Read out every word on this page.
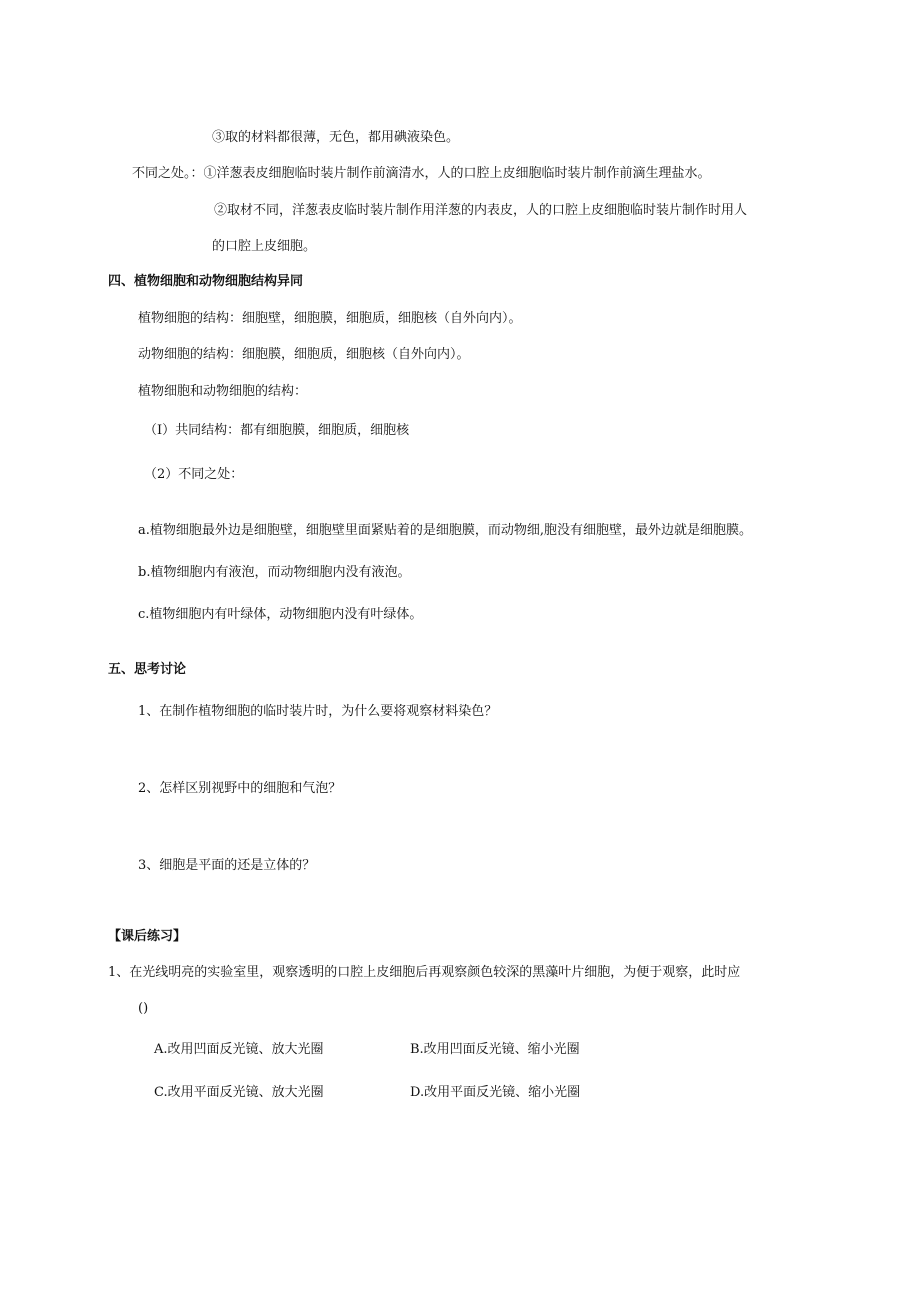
③取的材料都很薄，无色，都用碘液染色。
不同之处。：①洋葱表皮细胞临时装片制作前滴清水，人的口腔上皮细胞临时装片制作前滴生理盐水。
②取材不同，洋葱表皮临时装片制作用洋葱的内表皮，人的口腔上皮细胞临时装片制作时用人
的口腔上皮细胞。
四、植物细胞和动物细胞结构异同
植物细胞的结构：细胞壁，细胞膜，细胞质，细胞核（自外向内）。
动物细胞的结构：细胞膜，细胞质，细胞核（自外向内）。
植物细胞和动物细胞的结构：
（I）共同结构：都有细胞膜，细胞质，细胞核
（2）不同之处：
a.植物细胞最外边是细胞壁，细胞壁里面紧贴着的是细胞膜，而动物细,胞没有细胞壁，最外边就是细胞膜。
b.植物细胞内有液泡，而动物细胞内没有液泡。
c.植物细胞内有叶绿体，动物细胞内没有叶绿体。
五、思考讨论
1、在制作植物细胞的临时装片时，为什么要将观察材料染色？
2、怎样区别视野中的细胞和气泡？
3、细胞是平面的还是立体的？
【课后练习】
1、在光线明亮的实验室里，观察透明的口腔上皮细胞后再观察颜色较深的黑藻叶片细胞，为便于观察，此时应
()
A.改用凹面反光镜、放大光圈	B.改用凹面反光镜、缩小光圈
C.改用平面反光镜、放大光圈	D.改用平面反光镜、缩小光圈
